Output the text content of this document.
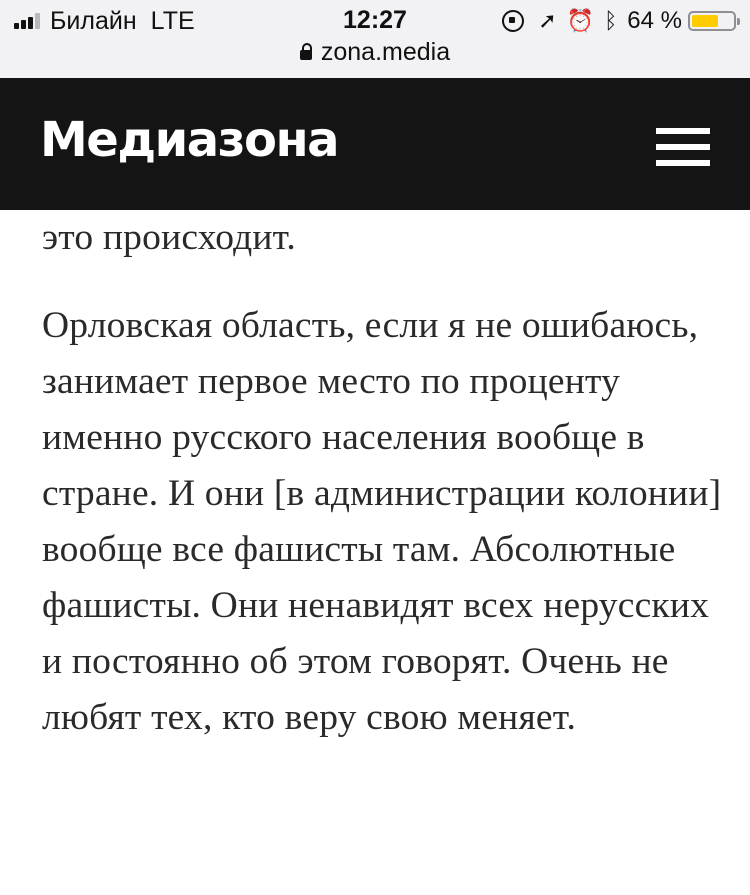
Билайн LTE	12:27	➚ ⏰ ᛒ 64 %
zona.media

это происходит.

Орловская область, если я не ошибаюсь, занимает первое место по проценту именно русского населения вообще в стране. И они [в администрации колонии] вообще все фашисты там. Абсолютные фашисты. Они ненавидят всех нерусских и постоянно об этом говорят. Очень не любят тех, кто веру свою меняет.

Медиазона
